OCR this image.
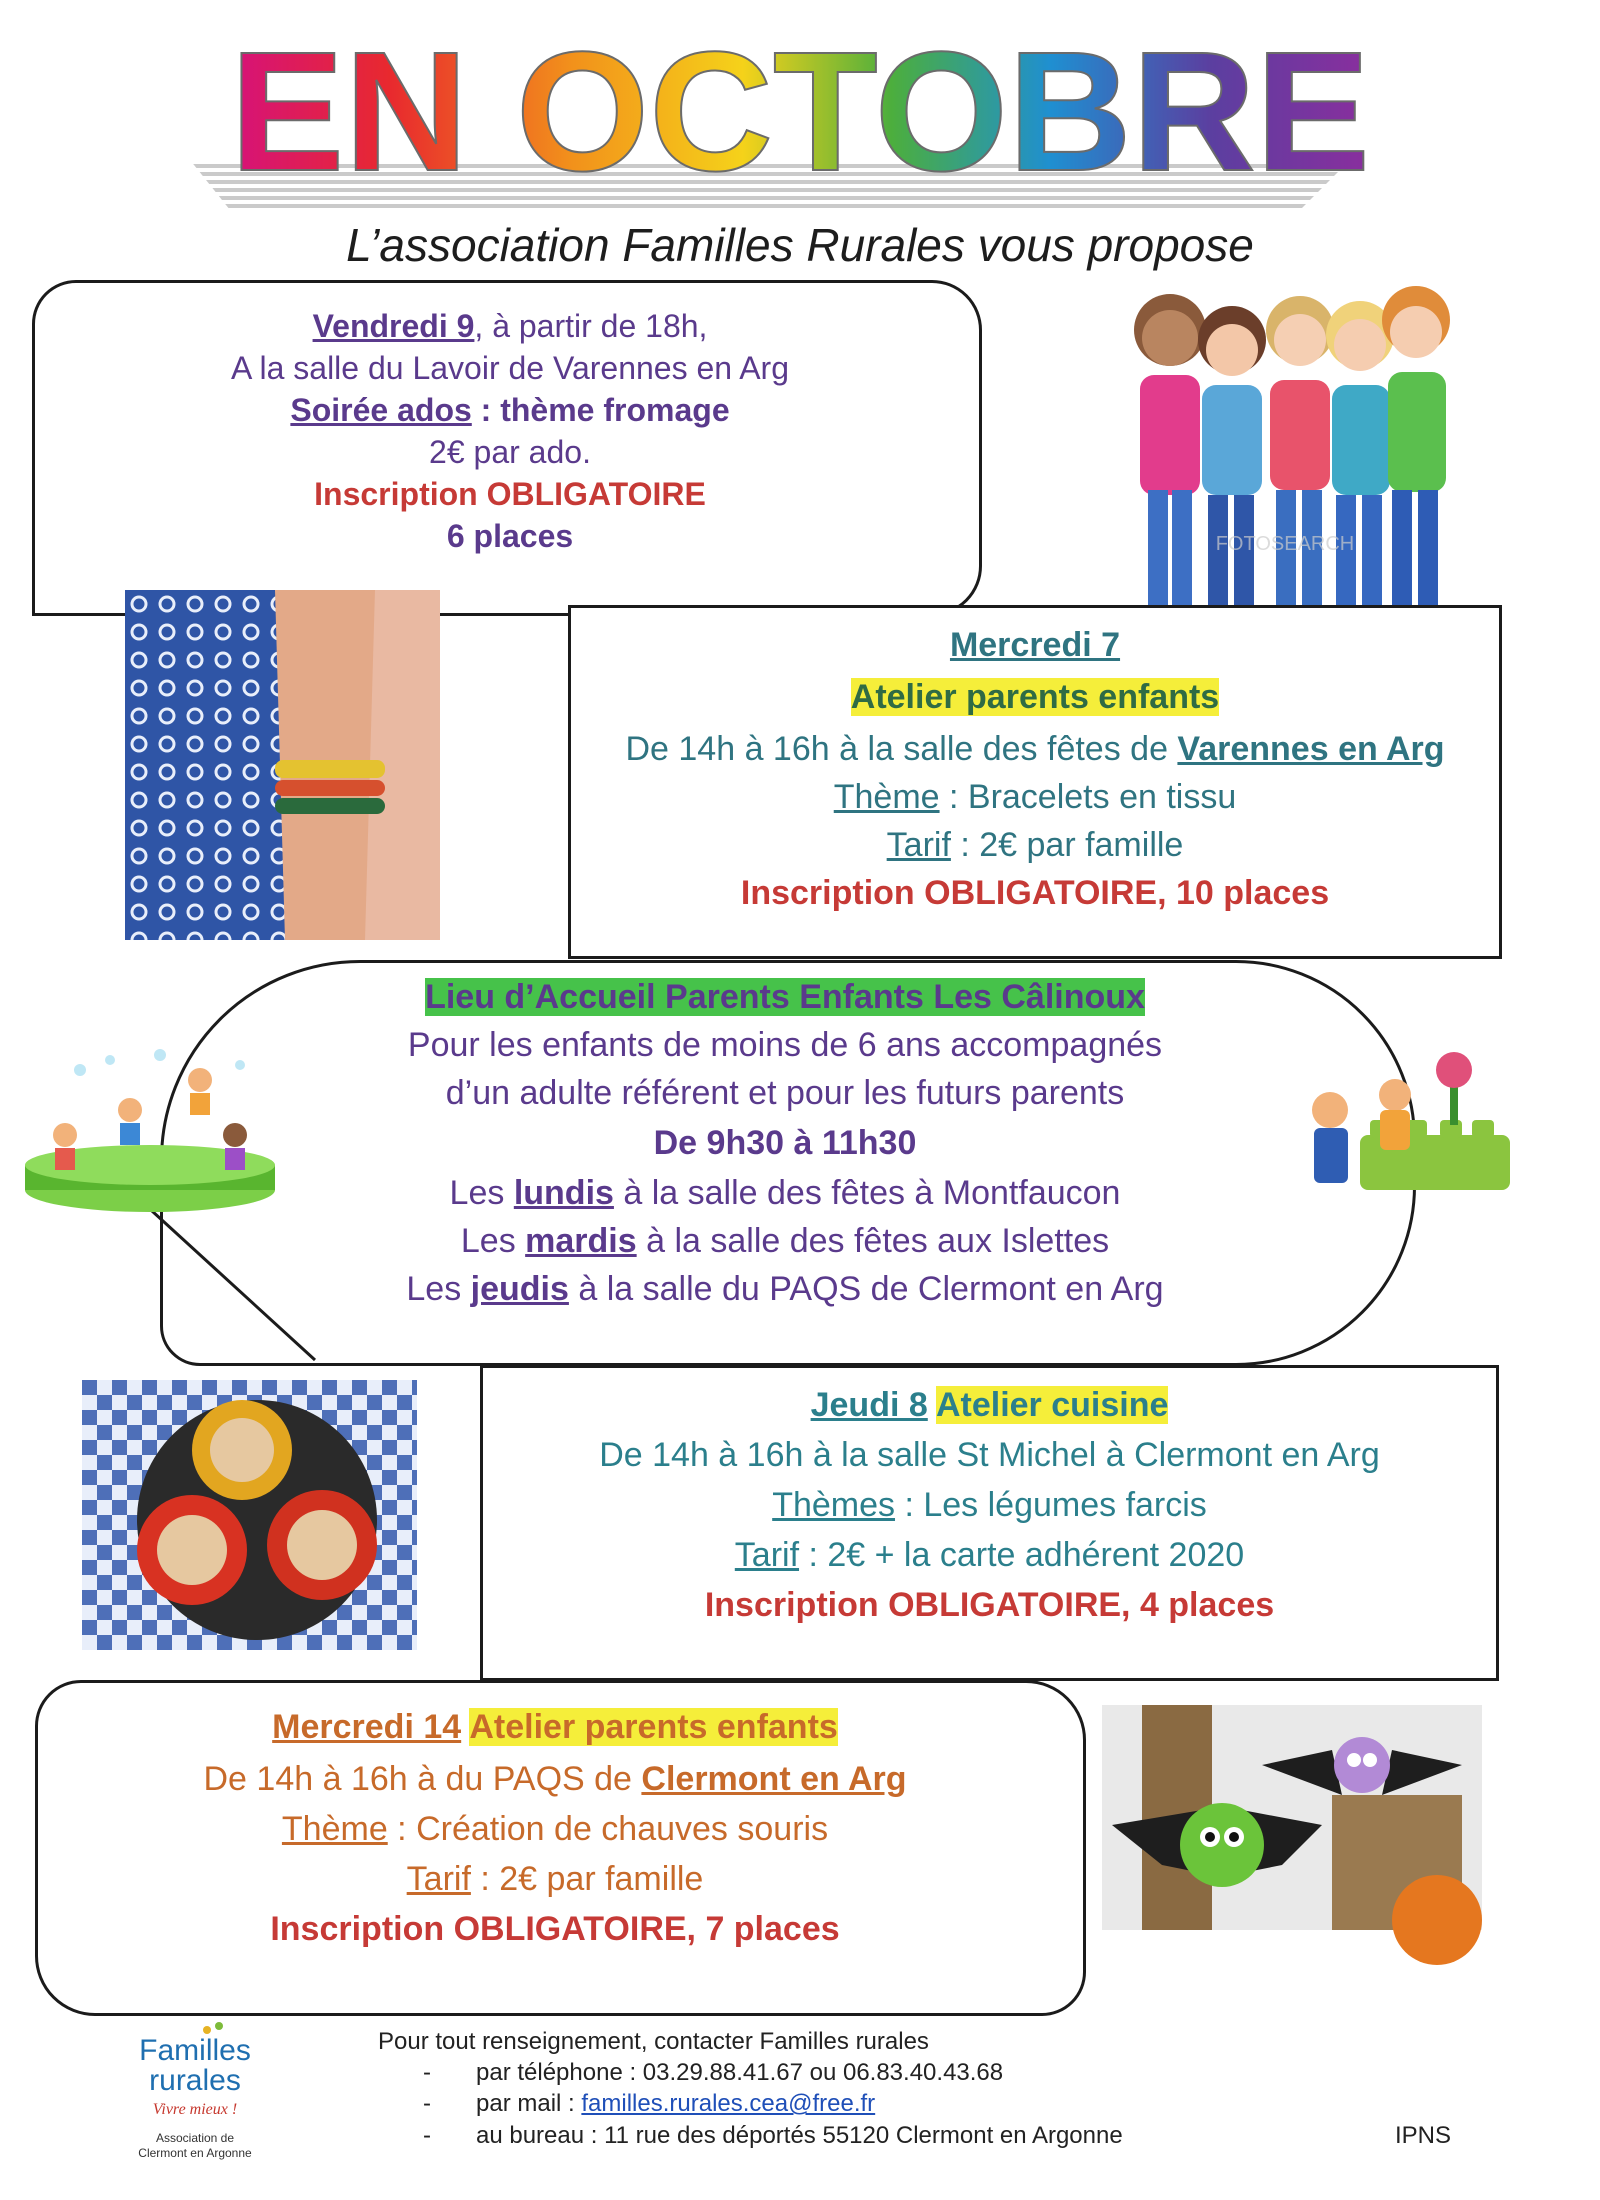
EN OCTOBRE
L’association Familles Rurales vous propose
Vendredi 9, à partir de 18h,
A la salle du Lavoir de Varennes en Arg
Soirée ados : thème fromage
2€ par ado.
Inscription OBLIGATOIRE
6 places	FOTOSEARCH
Mercredi 7
Atelier parents enfants
De 14h à 16h à la salle des fêtes de Varennes en Arg
Thème : Bracelets en tissu
Tarif : 2€ par famille
Inscription OBLIGATOIRE, 10 places
Lieu d’Accueil Parents Enfants Les Câlinoux
Pour les enfants de moins de 6 ans accompagnés
d’un adulte référent et pour les futurs parents
De 9h30 à 11h30
Les lundis à la salle des fêtes à Montfaucon
Les mardis à la salle des fêtes aux Islettes
Les jeudis à la salle du PAQS de Clermont en Arg
Jeudi 8 Atelier cuisine
De 14h à 16h à la salle St Michel à Clermont en Arg
Thèmes : Les légumes farcis
Tarif : 2€ + la carte adhérent 2020
Inscription OBLIGATOIRE, 4 places
Mercredi 14 Atelier parents enfants
De 14h à 16h à du PAQS de Clermont en Arg
Thème : Création de chauves souris
Tarif : 2€ par famille
Inscription OBLIGATOIRE, 7 places
Familles
rurales
Vivre mieux !
Association de
Clermont en Argonne
Pour tout renseignement, contacter Familles rurales
- par téléphone : 03.29.88.41.67 ou 06.83.40.43.68
- par mail : familles.rurales.cea@free.fr
- au bureau : 11 rue des déportés 55120 Clermont en Argonne	IPNS
